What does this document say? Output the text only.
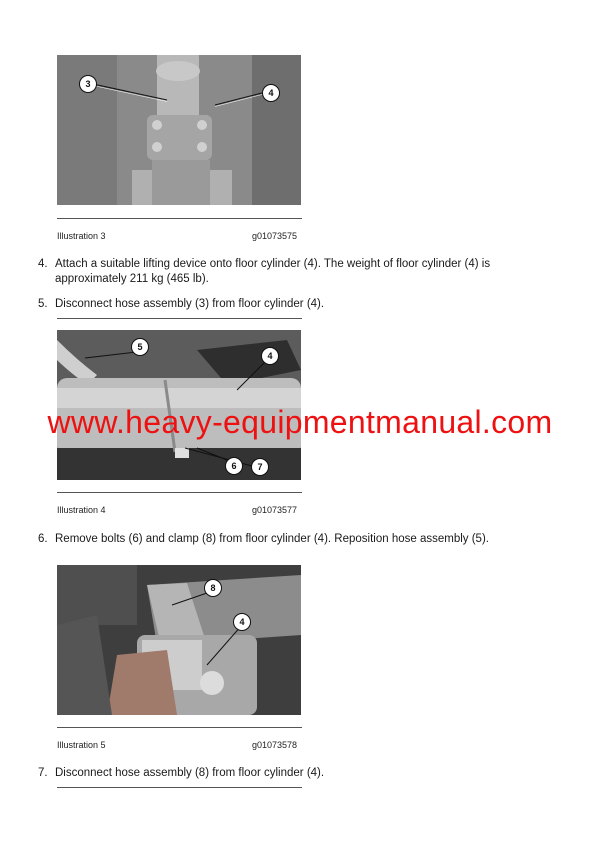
3
4
Illustration 3	g01073575
4. Attach a suitable lifting device onto floor cylinder (4). The weight of floor cylinder (4) is approximately 211 kg (465 lb).
5. Disconnect hose assembly (3) from floor cylinder (4).
5
4
6	7
Illustration 4	g01073577
6. Remove bolts (6) and clamp (8) from floor cylinder (4). Reposition hose assembly (5).
8
4
Illustration 5	g01073578
7. Disconnect hose assembly (8) from floor cylinder (4).
www.heavy-equipmentmanual.com
